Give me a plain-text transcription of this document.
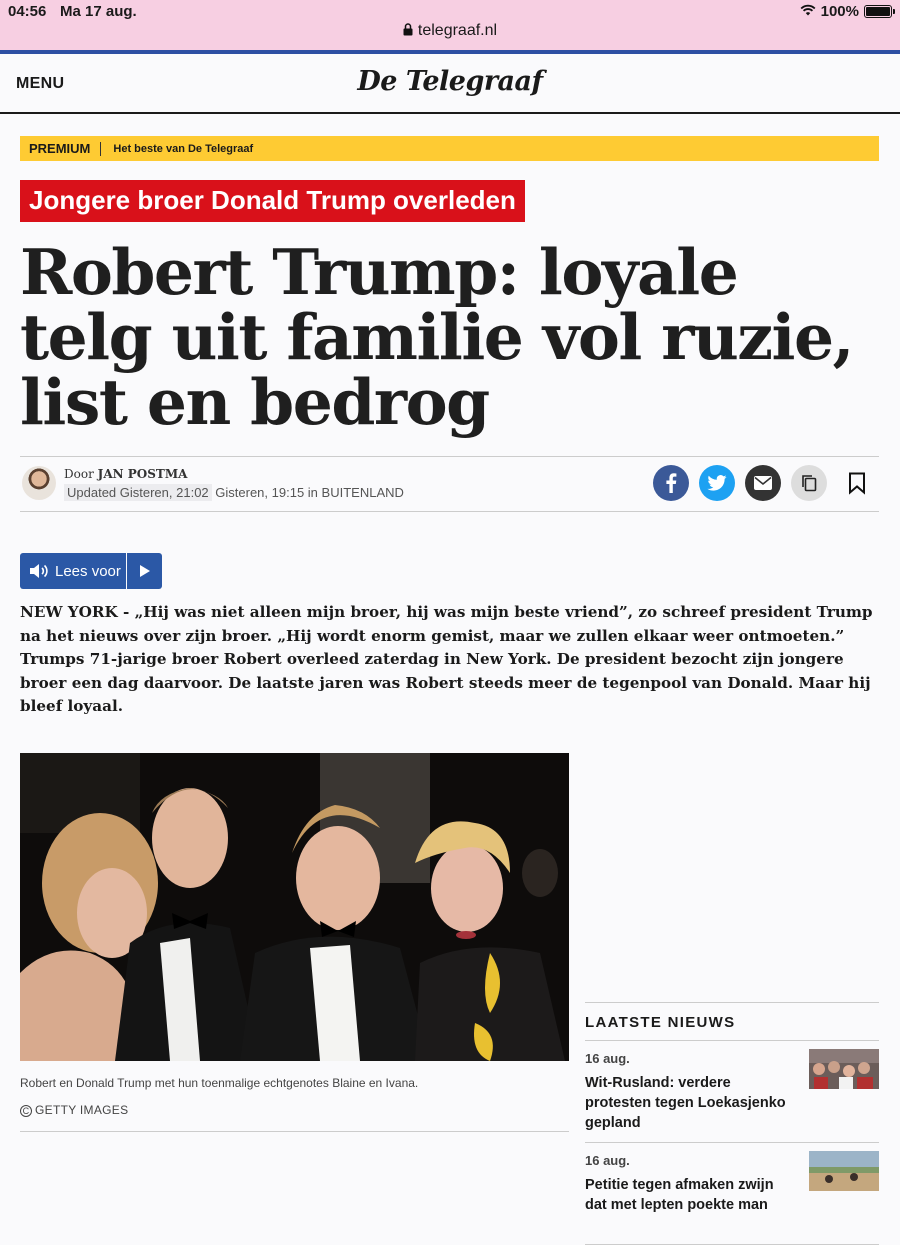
04:56 Ma 17 aug.
telegraaf.nl
100%
MENU	De Telegraaf
PREMIUM	Het beste van De Telegraaf
Jongere broer Donald Trump overleden
Robert Trump: loyale telg uit familie vol ruzie, list en bedrog
Door JAN POSTMA
Updated Gisteren, 21:02 Gisteren, 19:15 in BUITENLAND
Lees voor

NEW YORK - „Hij was niet alleen mijn broer, hij was mijn beste vriend”, zo schreef president Trump na het nieuws over zijn broer. „Hij wordt enorm gemist, maar we zullen elkaar weer ontmoeten.” Trumps 71-jarige broer Robert overleed zaterdag in New York. De president bezocht zijn jongere broer een dag daarvoor. De laatste jaren was Robert steeds meer de tegenpool van Donald. Maar hij bleef loyaal.

Robert en Donald Trump met hun toenmalige echtgenotes Blaine en Ivana.
C GETTY IMAGES
LAATSTE NIEUWS
16 aug.
Wit-Rusland: verdere protesten tegen Loekasjenko gepland
16 aug.
Petitie tegen afmaken zwijn dat met lepten poekte man
